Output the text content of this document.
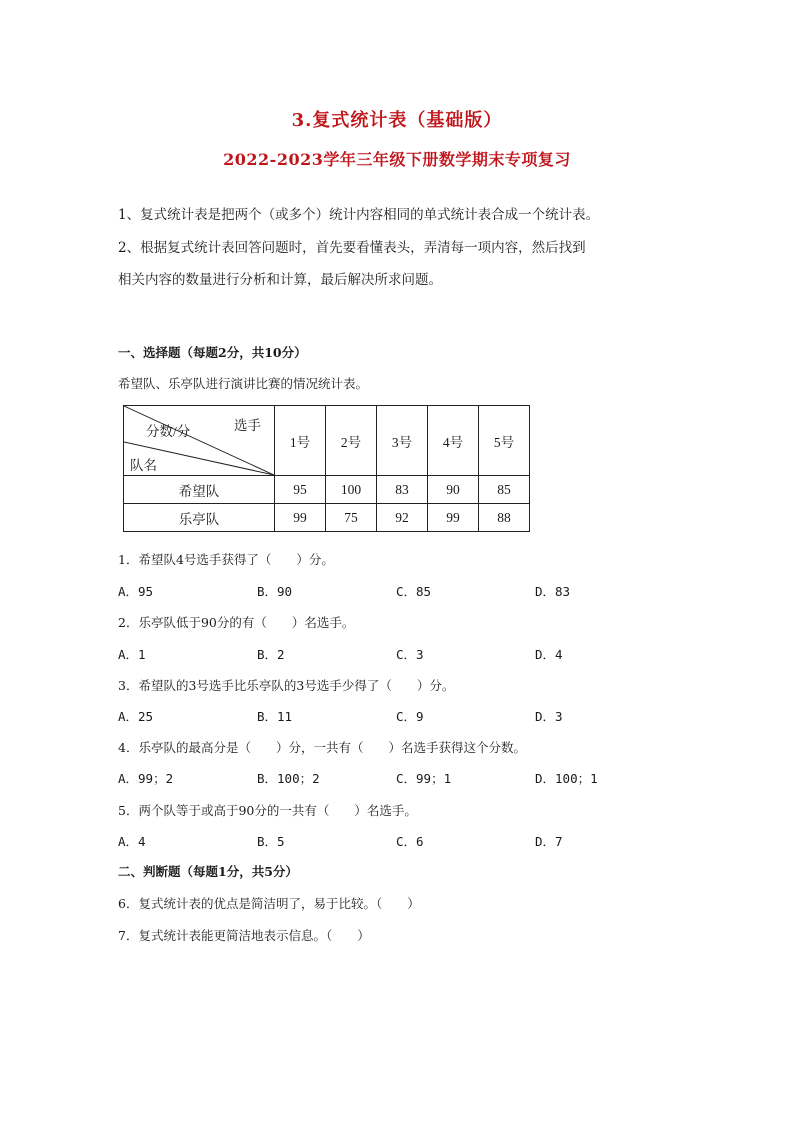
3.复式统计表（基础版）
2022-2023学年三年级下册数学期末专项复习
1、复式统计表是把两个（或多个）统计内容相同的单式统计表合成一个统计表。
2、根据复式统计表回答问题时，首先要看懂表头，弄清每一项内容，然后找到
相关内容的数量进行分析和计算，最后解决所求问题。
一、选择题（每题2分，共10分）
希望队、乐亭队进行演讲比赛的情况统计表。
分数/分 选手
队名	1号	2号	3号	4号	5号
希望队	95	100	83	90	85
乐亭队	99	75	92	99	88
1．希望队4号选手获得了（　　）分。
A．95	B．90	C．85	D．83
2．乐亭队低于90分的有（　　）名选手。
A．1	B．2	C．3	D．4
3．希望队的3号选手比乐亭队的3号选手少得了（　　）分。
A．25	B．11	C．9	D．3
4．乐亭队的最高分是（　　）分，一共有（　　）名选手获得这个分数。
A．99；2	B．100；2	C．99；1	D．100；1
5．两个队等于或高于90分的一共有（　　）名选手。
A．4	B．5	C．6	D．7
二、判断题（每题1分，共5分）
6．复式统计表的优点是简洁明了，易于比较。（　　）
7．复式统计表能更简洁地表示信息。（　　）
